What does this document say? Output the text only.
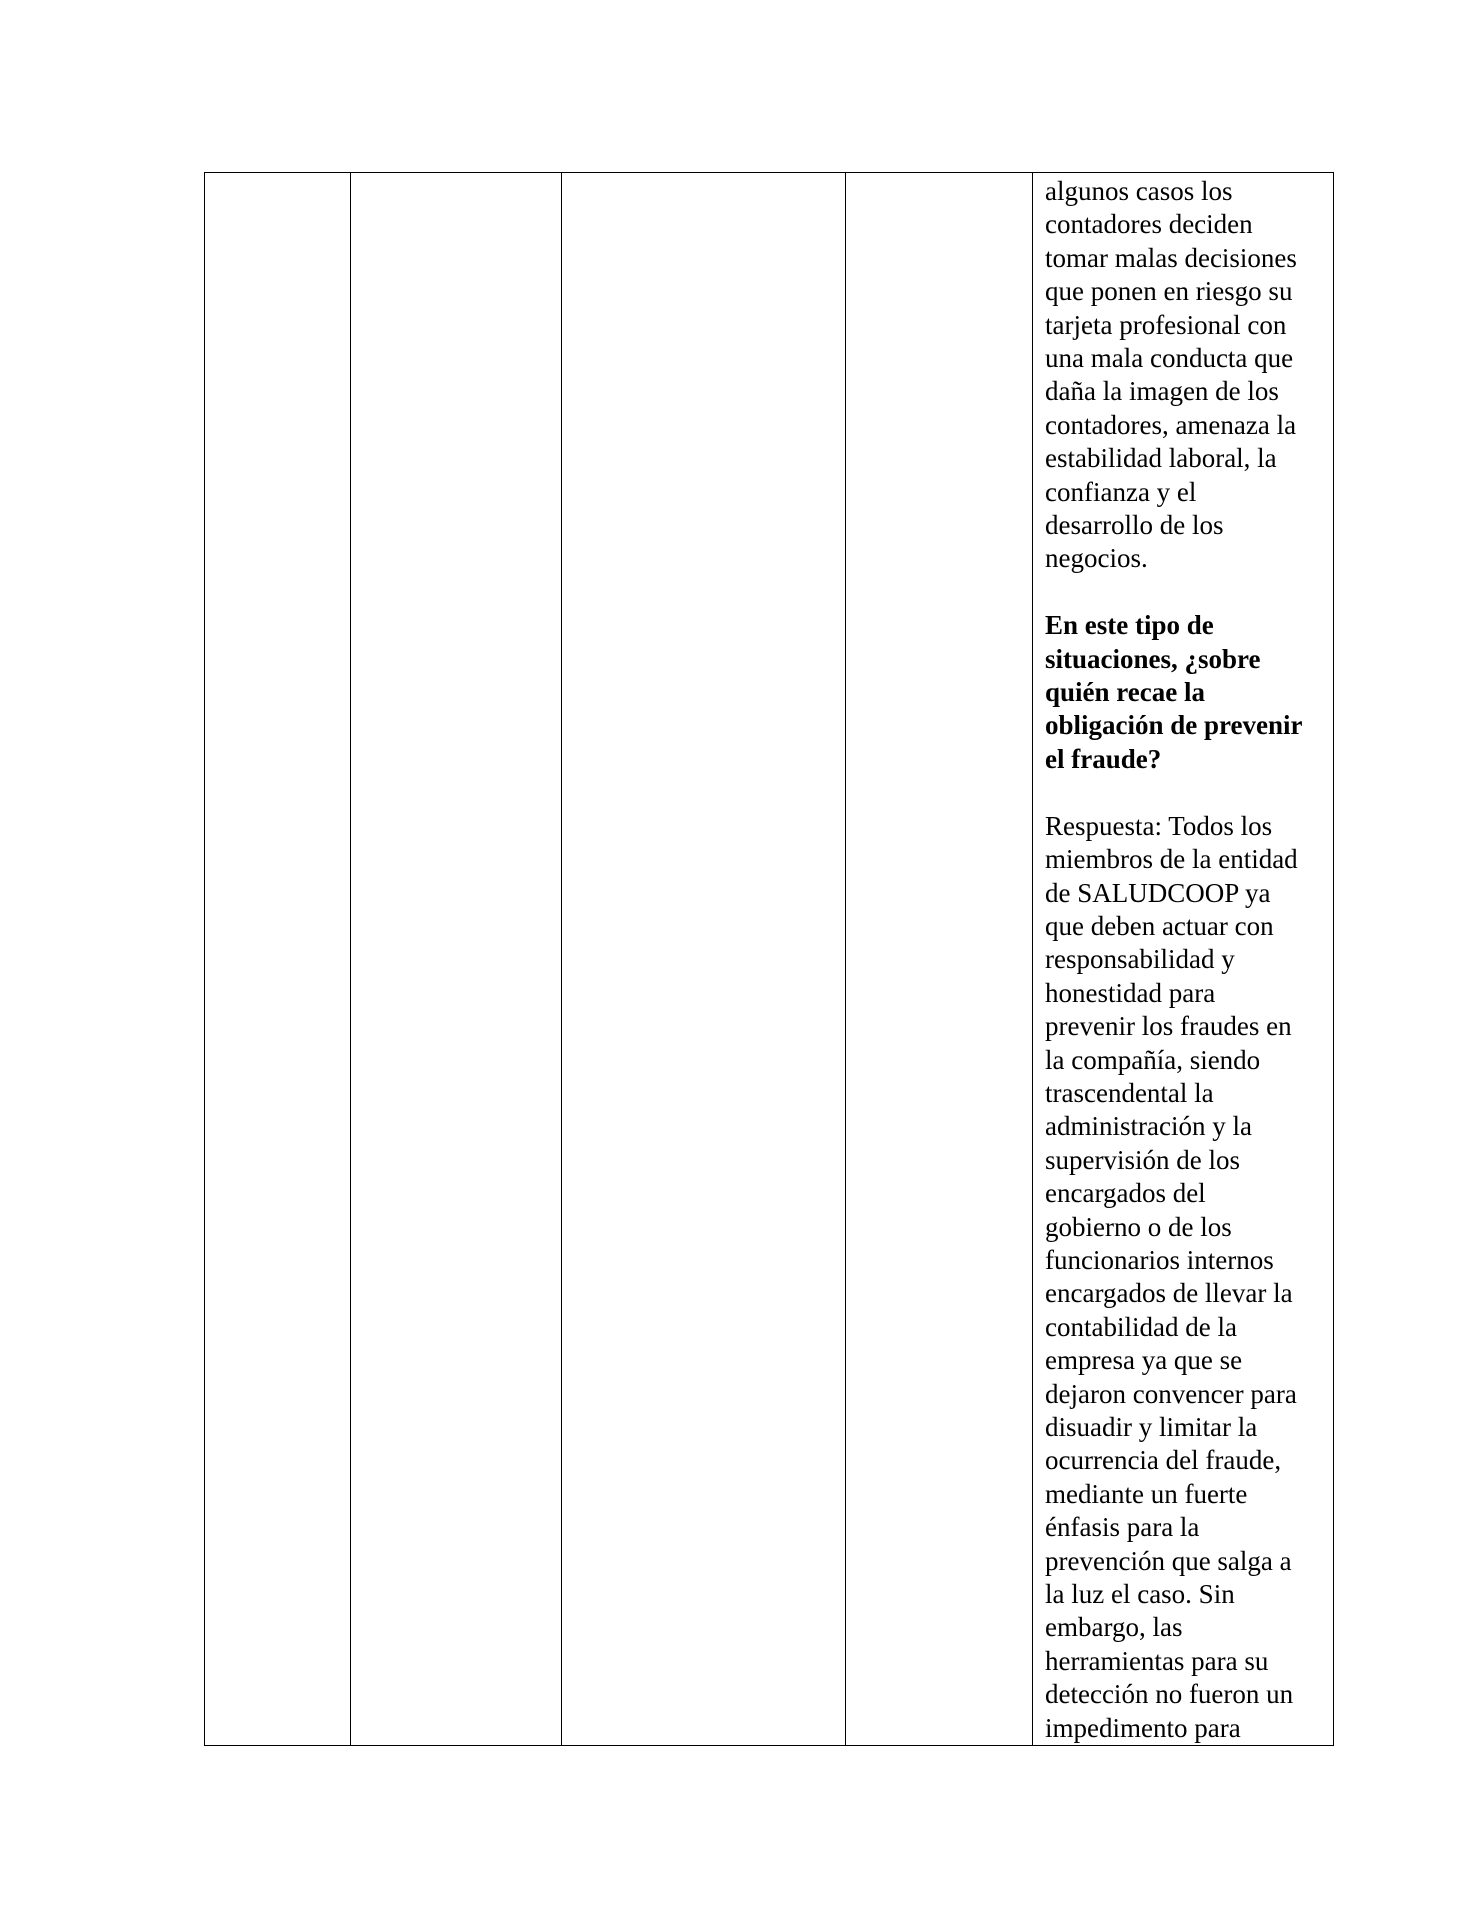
algunos casos los

contadores deciden

tomar malas decisiones

que ponen en riesgo su

tarjeta profesional con

una mala conducta que

daña la imagen de los

contadores, amenaza la

estabilidad laboral, la

confianza y el

desarrollo de los

negocios.

En este tipo de

situaciones, ¿sobre

quién recae la

obligación de prevenir

el fraude?

Respuesta: Todos los

miembros de la entidad

de SALUDCOOP ya

que deben actuar con

responsabilidad y

honestidad para

prevenir los fraudes en

la compañía, siendo

trascendental la

administración y la

supervisión de los

encargados del

gobierno o de los

funcionarios internos

encargados de llevar la

contabilidad de la

empresa ya que se

dejaron convencer para

disuadir y limitar la

ocurrencia del fraude,

mediante un fuerte

énfasis para la

prevención que salga a

la luz el caso. Sin

embargo, las

herramientas para su

detección no fueron un

impedimento para
